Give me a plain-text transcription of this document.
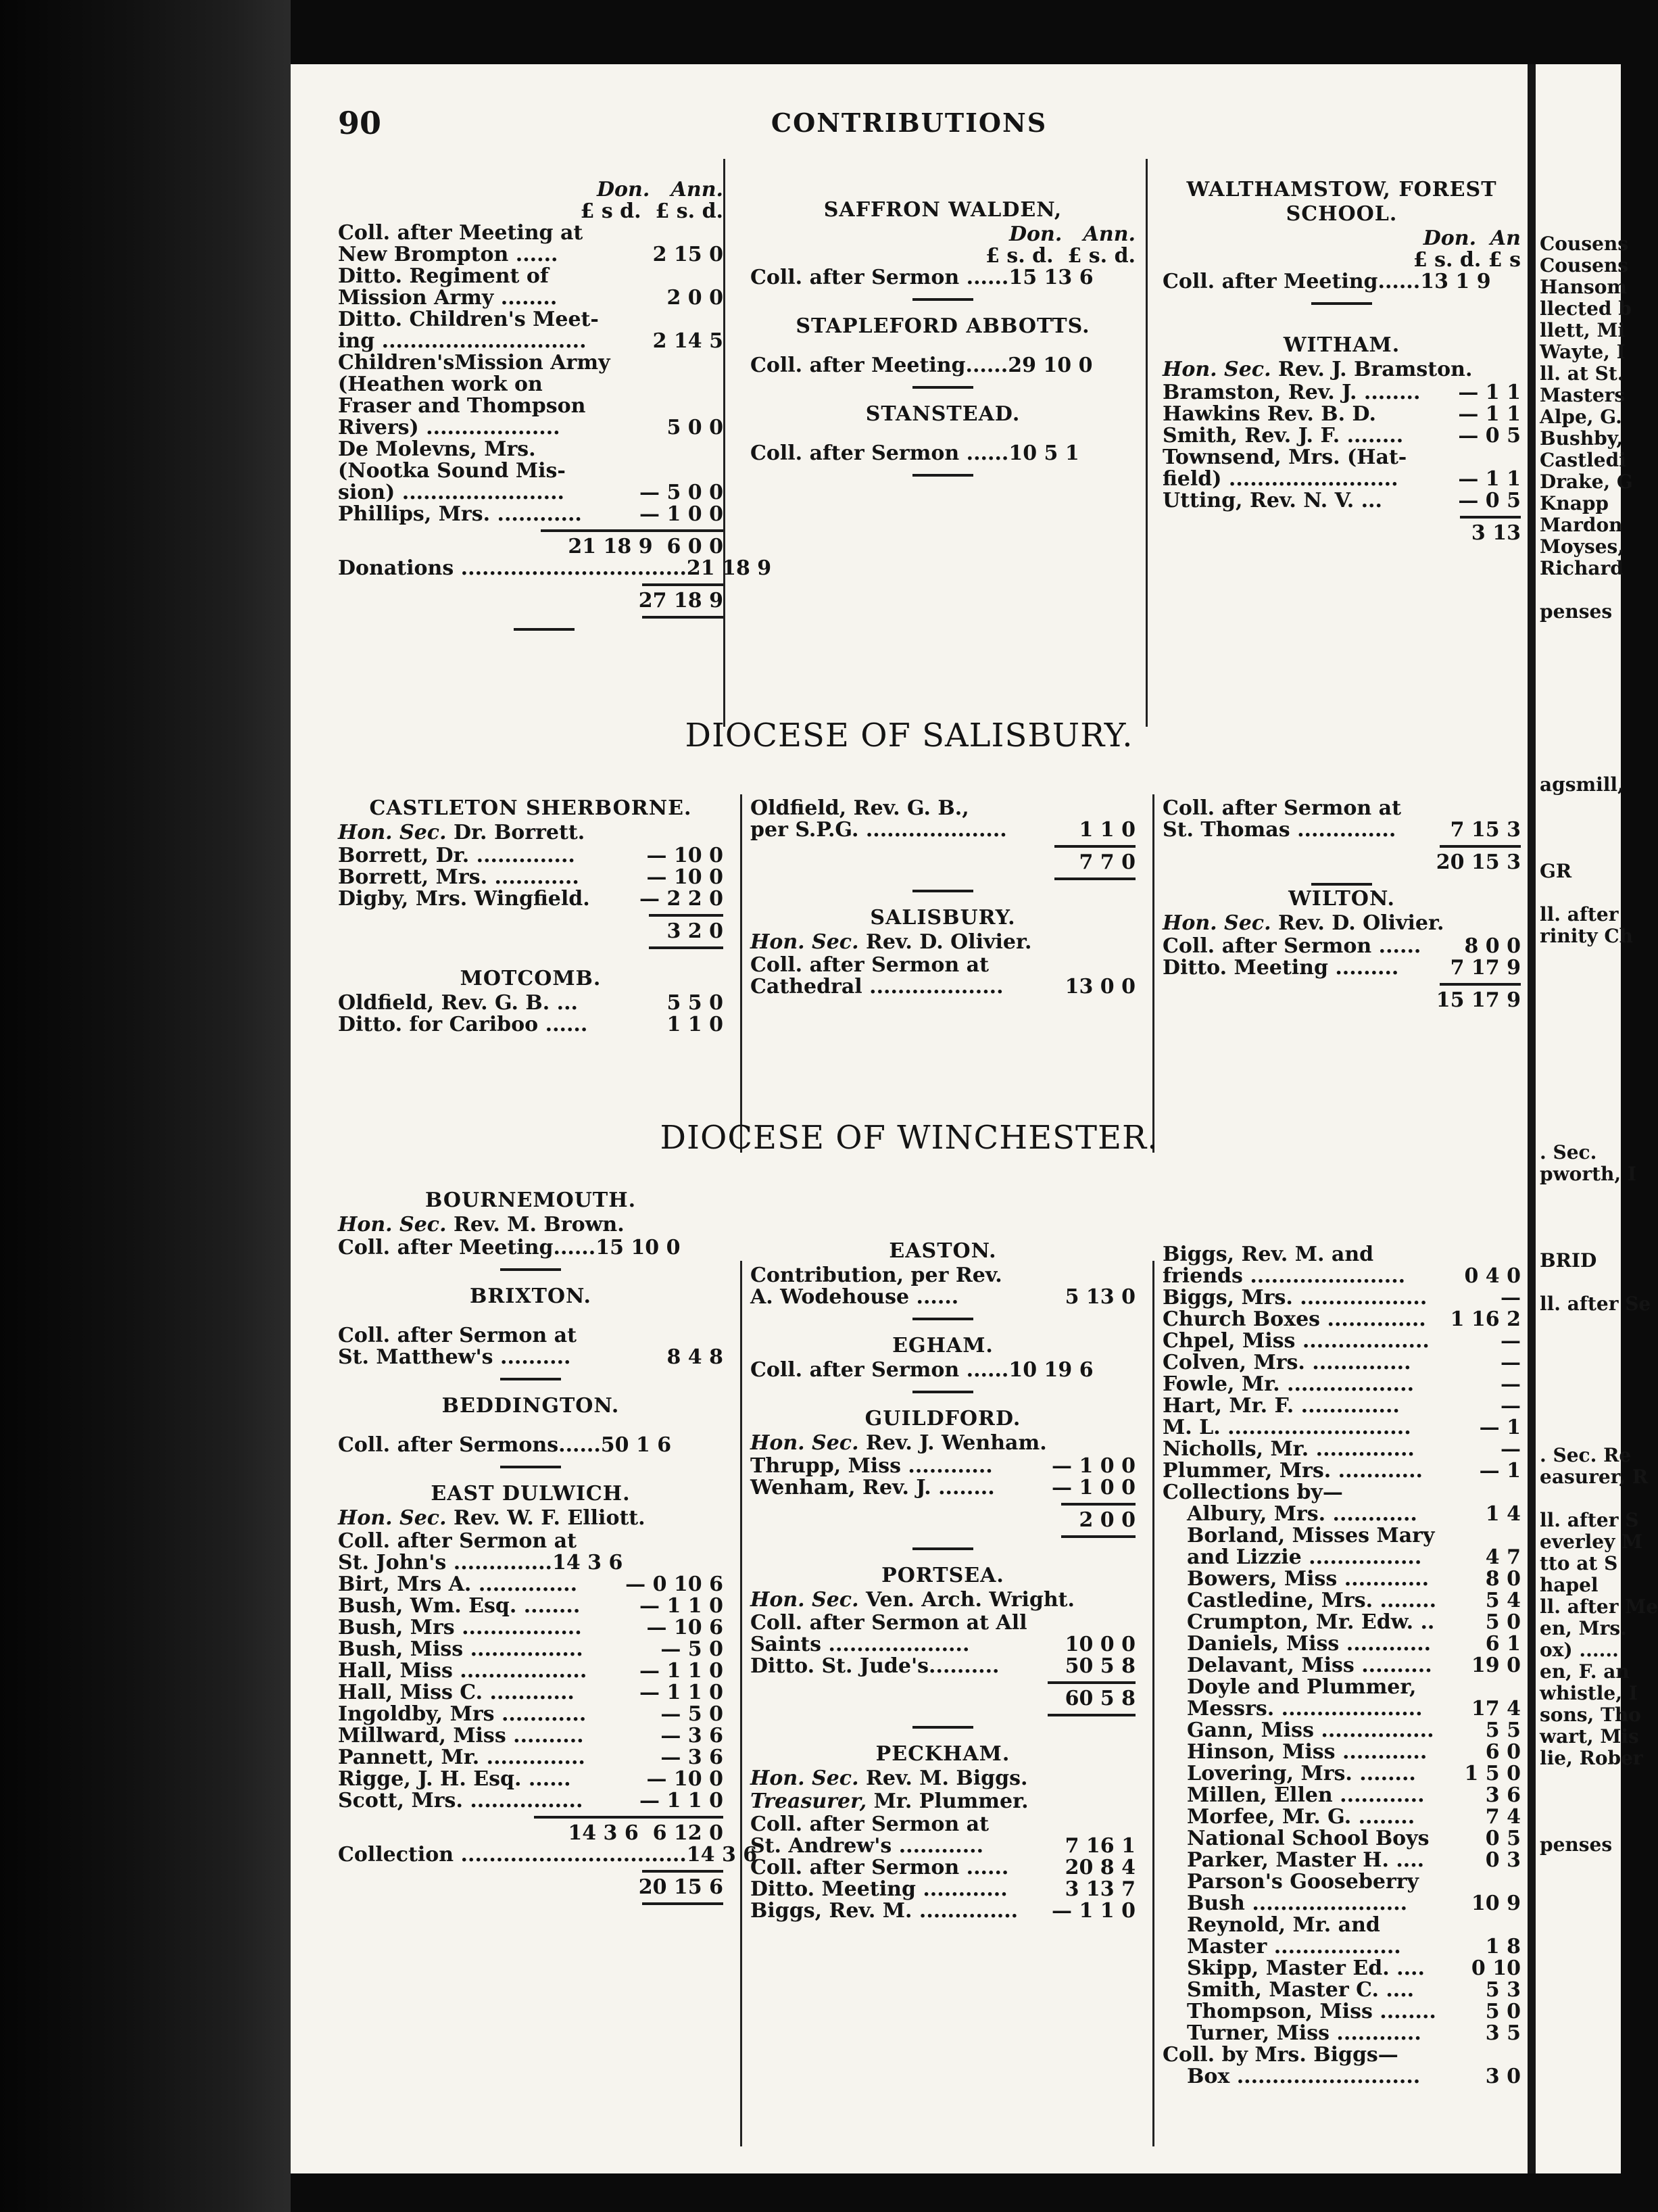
90	CONTRIBUTIONS
Don.   Ann.
£ s d.  £ s. d.
Coll. after Meeting at
New Brompton ......	2 15 0
Ditto. Regiment of
Mission Army ........	2 0 0
Ditto. Children's Meet-
ing .............................	2 14 5
Children'sMission Army
(Heathen work on
Fraser and Thompson
Rivers) ...................	5 0 0
De Molevns, Mrs.
(Nootka Sound Mis-
sion) .......................	— 5 0 0
Phillips, Mrs. ............	— 1 0 0
21 18 9  6 0 0
Donations ................................ 21 18 9
27 18 9
SAFFRON WALDEN,
Don.   Ann.
£ s. d.  £ s. d.
Coll. after Sermon ......15 13 6
STAPLEFORD ABBOTTS.
Coll. after Meeting......29 10 0
STANSTEAD.
Coll. after Sermon ......10 5 1
WALTHAMSTOW, FOREST
SCHOOL.
Don.  An
£ s. d. £ s
Coll. after Meeting......13 1 9
WITHAM.
Hon. Sec. Rev. J. Bramston.
Bramston, Rev. J. ........	— 1 1
Hawkins Rev. B. D.	— 1 1
Smith, Rev. J. F. ........	— 0 5
Townsend, Mrs. (Hat-
field) ........................	— 1 1
Utting, Rev. N. V. ...	— 0 5
3 13
DIOCESE OF SALISBURY.
CASTLETON SHERBORNE.
Hon. Sec. Dr. Borrett.
Borrett, Dr. ..............	— 10 0
Borrett, Mrs. ............	— 10 0
Digby, Mrs. Wingfield.	— 2 2 0
3 2 0
MOTCOMB.
Oldfield, Rev. G. B. ...	5 5 0
Ditto. for Cariboo ......	1 1 0
Oldfield, Rev. G. B.,
per S.P.G. ....................	1 1 0
7 7 0
SALISBURY.
Hon. Sec. Rev. D. Olivier.
Coll. after Sermon at
Cathedral ...................	13 0 0
Coll. after Sermon at
St. Thomas ..............	7 15 3
20 15 3
WILTON.
Hon. Sec. Rev. D. Olivier.
Coll. after Sermon ......	8 0 0
Ditto. Meeting .........	7 17 9
15 17 9
DIOCESE OF WINCHESTER.
BOURNEMOUTH.
Hon. Sec. Rev. M. Brown.
Coll. after Meeting......15 10 0
BRIXTON.
Coll. after Sermon at
St. Matthew's ..........	8 4 8
BEDDINGTON.
Coll. after Sermons......50 1 6
EAST DULWICH.
Hon. Sec. Rev. W. F. Elliott.
Coll. after Sermon at
St. John's ..............14 3 6
Birt, Mrs A. ..............	— 0 10 6
Bush, Wm. Esq. ........	— 1 1 0
Bush, Mrs .................	— 10 6
Bush, Miss ................	— 5 0
Hall, Miss ..................	— 1 1 0
Hall, Miss C. ............	— 1 1 0
Ingoldby, Mrs ............	— 5 0
Millward, Miss ..........	— 3 6
Pannett, Mr. ..............	— 3 6
Rigge, J. H. Esq. ......	— 10 0
Scott, Mrs. ................	— 1 1 0
14 3 6  6 12 0
Collection ................................ 14 3 6
20 15 6
EASTON.
Contribution, per Rev.
A. Wodehouse ......	5 13 0
EGHAM.
Coll. after Sermon ......10 19 6
GUILDFORD.
Hon. Sec. Rev. J. Wenham.
Thrupp, Miss ............	— 1 0 0
Wenham, Rev. J. ........	— 1 0 0
2 0 0
PORTSEA.
Hon. Sec. Ven. Arch. Wright.
Coll. after Sermon at All
Saints ....................	10 0 0
Ditto. St. Jude's..........	50 5 8
60 5 8
PECKHAM.
Hon. Sec. Rev. M. Biggs.
Treasurer, Mr. Plummer.
Coll. after Sermon at
St. Andrew's ............	7 16 1
Coll. after Sermon ......	20 8 4
Ditto. Meeting ............	3 13 7
Biggs, Rev. M. ..............	— 1 1 0
Biggs, Rev. M. and
friends ......................	0 4 0
Biggs, Mrs. ..................	—
Church Boxes ..............	1 16 2
Chpel, Miss ..................	—
Colven, Mrs. ..............	—
Fowle, Mr. ..................	—
Hart, Mr. F. ..............	—
M. L. ..........................	— 1
Nicholls, Mr. ..............	—
Plummer, Mrs. ............	— 1
Collections by—
Albury, Mrs. ............	1 4
Borland, Misses Mary
and Lizzie ................	4 7
Bowers, Miss ............	8 0
Castledine, Mrs. ........	5 4
Crumpton, Mr. Edw. ..	5 0
Daniels, Miss ............	6 1
Delavant, Miss ..........	19 0
Doyle and Plummer,
Messrs. ....................	17 4
Gann, Miss ................	5 5
Hinson, Miss ............	6 0
Lovering, Mrs. ........	1 5 0
Millen, Ellen ............	3 6
Morfee, Mr. G. ........	7 4
National School Boys	0 5
Parker, Master H. ....	0 3
Parson's Gooseberry
Bush ......................	10 9
Reynold, Mr. and
Master ..................	1 8
Skipp, Master Ed. ....	0 10
Smith, Master C. ....	5 3
Thompson, Miss ........	5 0
Turner, Miss ............	3 5
Coll. by Mrs. Biggs—
Box ..........................	3 0
Cousens
Cousens
Hansom
llected b
llett, Mi
Wayte, I
ll. at St.
Masters
Alpe, G.
Bushby,
Castledi
Drake, G
Knapp
Mardon
Moyses,
Richard
penses
agsmill,
GR
ll. after
rinity Ch
. Sec.
pworth, I
BRID
ll. after Se
. Sec. Re
easurer, R
ll. after S
everley M
tto at S
hapel
ll. after Me
en, Mrs.
ox) ......
en, F. an
whistle, I
sons, Tho
wart, Mis
lie, Rober
penses
